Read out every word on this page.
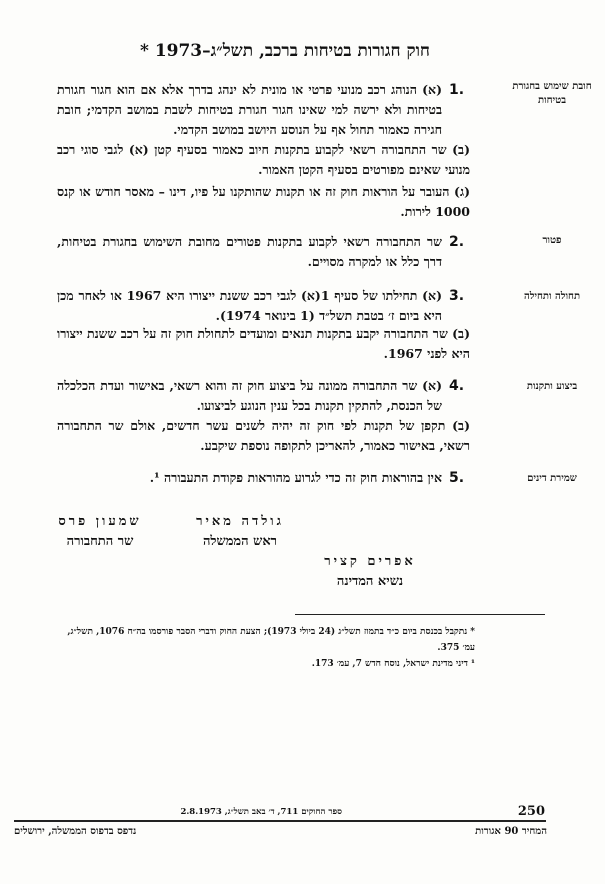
חוק חגורות בטיחות ברכב, תשל״ג–1973 *
חובת שימוש בחגורת בטיחות
1.
(א) הנוהג רכב מנועי פרטי או מונית לא ינהג בדרך אלא אם הוא חגור חגורת בטיחות ולא ירשה למי שאינו חגור חגורת בטיחות לשבת במושב הקדמי; חובת חגירה כאמור תחול אף על הנוסע היושב במושב הקדמי.
(ב) שר התחבורה רשאי לקבוע בתקנות חיוב כאמור בסעיף קטן (א) לגבי סוגי רכב מנועי שאינם מפורטים בסעיף הקטן האמור.
(ג) העובר על הוראות חוק זה או תקנות שהותקנו על פיו, דינו – מאסר חודש או קנס 1000 לירות.
פטור
2.
שר התחבורה רשאי לקבוע בתקנות פטורים מחובת השימוש בחגורת בטיחות, דרך כלל או למקרה מסויים.
תחולה ותחילה
3.
(א) תחילתו של סעיף 1(א) לגבי רכב ששנת ייצורו היא 1967 או לאחר מכן היא ביום ז׳ בטבת תשל״ד (1 בינואר 1974).
(ב) שר התחבורה יקבע בתקנות תנאים ומועדים לתחולת חוק זה על רכב ששנת ייצורו היא לפני 1967.
ביצוע ותקנות
4.
(א) שר התחבורה ממונה על ביצוע חוק זה והוא רשאי, באישור ועדת הכלכלה של הכנסת, להתקין תקנות בכל ענין הנוגע לביצועו.
(ב) תקפן של תקנות לפי חוק זה יהיה לשנים עשר חדשים, אולם שר התחבורה רשאי, באישור כאמור, להאריכן לתקופה נוספת שיקבע.
שמירת דינים
5.
אין בהוראות חוק זה כדי לגרוע מהוראות פקודת התעבורה ¹.
גולדה מאיר
ראש הממשלה
שמעון פרס
שר התחבורה
אפרים קציר
נשיא המדינה
* נתקבל בכנסת ביום כ״ד בתמוז תשל״ג (24 ביולי 1973); הצעת החוק ודברי הסבר פורסמו בה״ח 1076, תשל״ג, עמ׳ 375.
¹ דיני מדינת ישראל, נוסח חדש 7, עמ׳ 173.
250
ספר החוקים 711, ד׳ באב תשל״ג, 2.8.1973
המחיר 90 אגורות
נדפס בדפוס הממשלה, ירושלים
